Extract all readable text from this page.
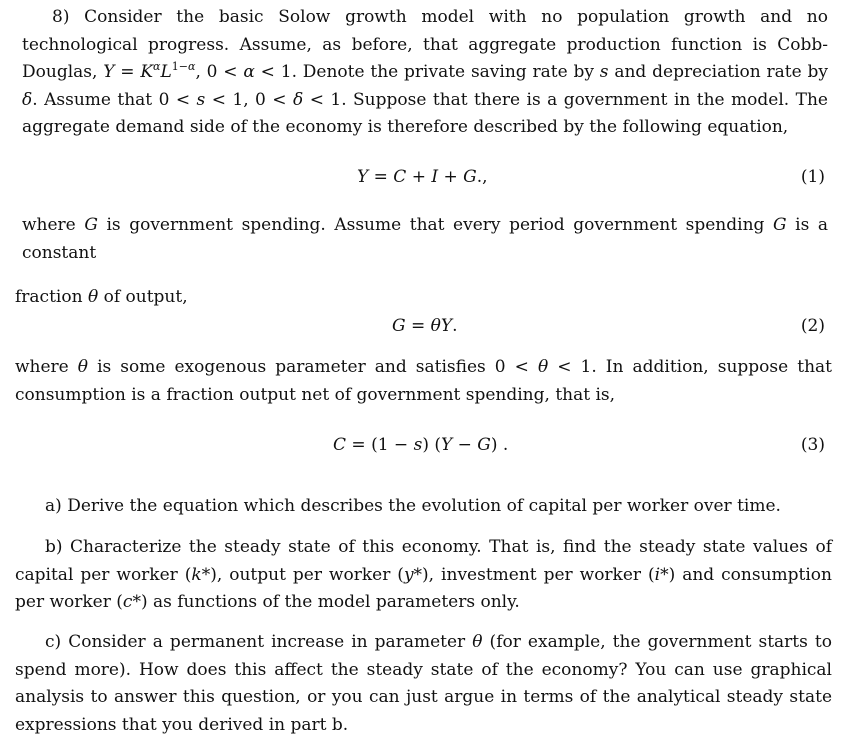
8) Consider the basic Solow growth model with no population growth and no technological progress. Assume, as before, that aggregate production function is Cobb-Douglas, $Y = K^\alpha L^{1-\alpha}$, 0 < α < 1. Denote the private saving rate by s and depreciation rate by δ. Assume that 0 < s < 1, 0 < δ < 1. Suppose that there is a government in the model. The aggregate demand side of the economy is therefore described by the following equation,

Y = C + I + G.,	(1)

where G is government spending. Assume that every period government spending G is a constant

fraction θ of output,

G = θY.	(2)

where θ is some exogenous parameter and satisfies 0 < θ < 1. In addition, suppose that consumption is a fraction output net of government spending, that is,

C = (1 − s) (Y − G) .	(3)

a) Derive the equation which describes the evolution of capital per worker over time.

b) Characterize the steady state of this economy. That is, find the steady state values of capital per worker (k*), output per worker (y*), investment per worker (i*) and consumption per worker (c*) as functions of the model parameters only.

c) Consider a permanent increase in parameter θ (for example, the government starts to spend more). How does this affect the steady state of the economy? You can use graphical analysis to answer this question, or you can just argue in terms of the analytical steady state expressions that you derived in part b.
